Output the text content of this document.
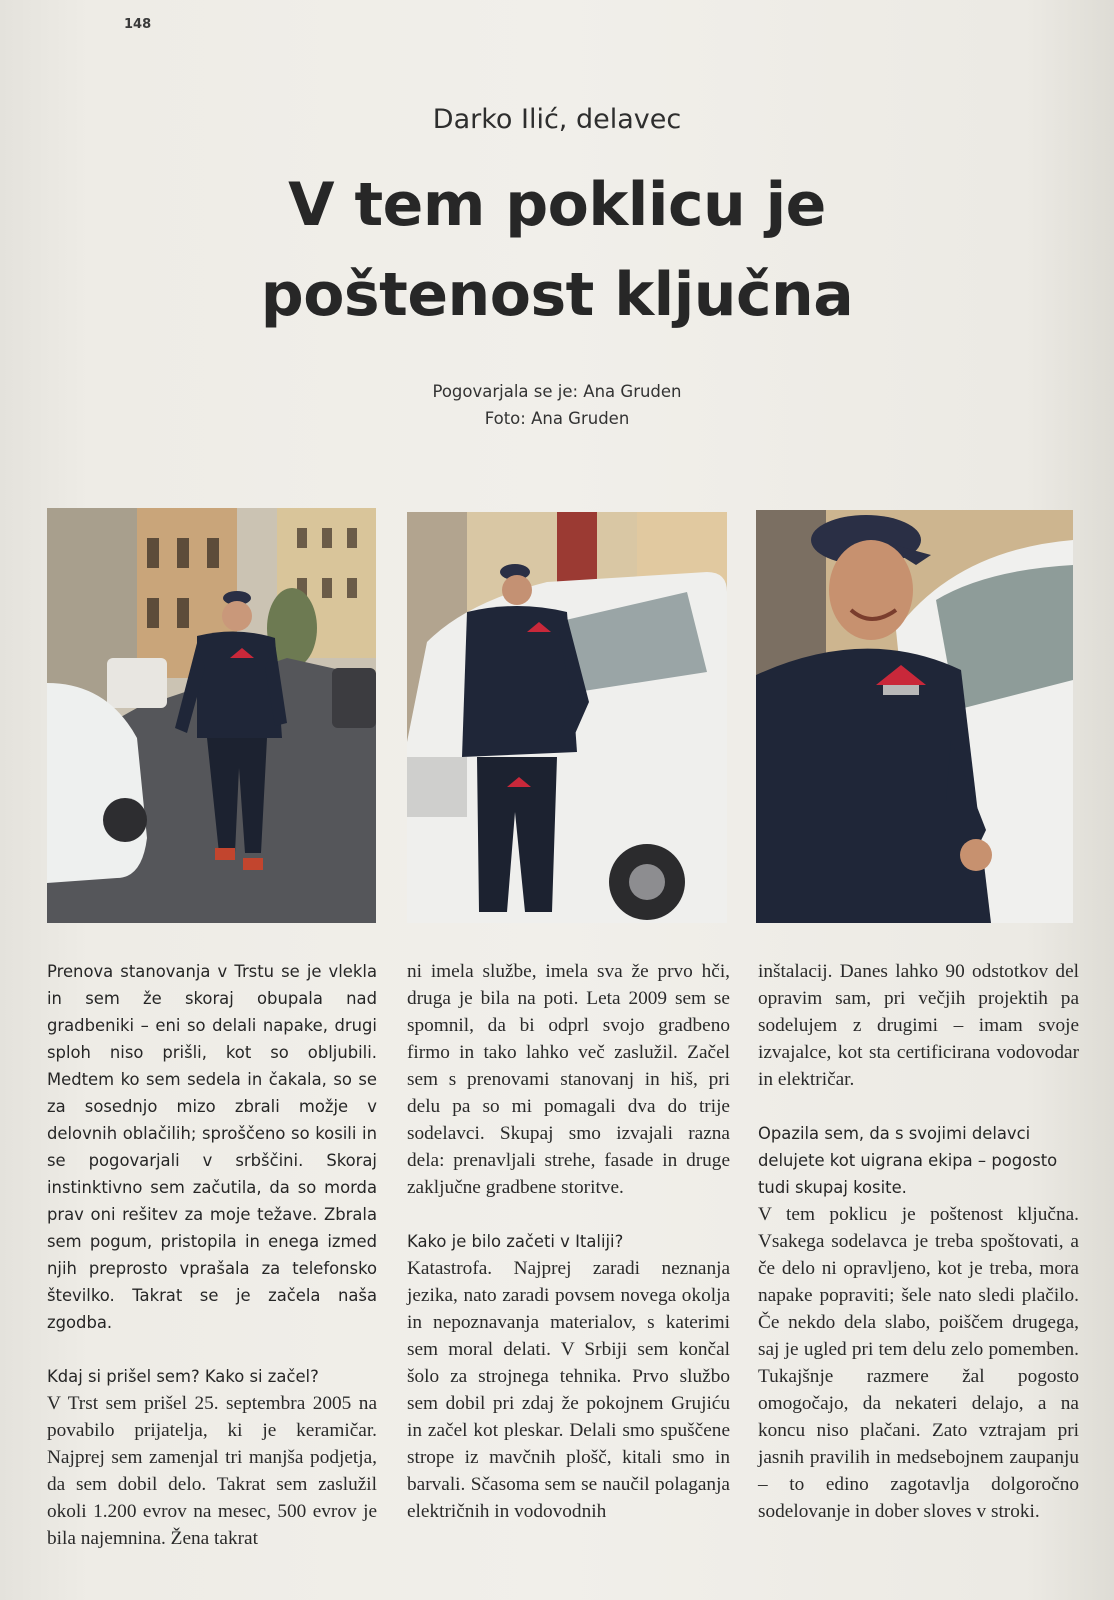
148
Darko Ilić, delavec
V tem poklicu je
poštenost ključna
Pogovarjala se je: Ana Gruden
Foto: Ana Gruden

Prenova stanovanja v Trstu se je vlekla in sem že skoraj obupala nad gradbeniki – eni so delali napake, drugi sploh niso prišli, kot so obljubili. Medtem ko sem sedela in čakala, so se za sosednjo mizo zbrali možje v delovnih oblačilih; sproščeno so kosili in se pogovarjali v srbščini. Skoraj instinktivno sem začutila, da so morda prav oni rešitev za moje težave. Zbrala sem pogum, pristopila in enega izmed njih preprosto vprašala za telefonsko številko. Takrat se je začela naša zgodba.

Kdaj si prišel sem? Kako si začel?

V Trst sem prišel 25. septembra 2005 na povabilo prijatelja, ki je keramičar. Najprej sem zamenjal tri manjša podjetja, da sem dobil delo. Takrat sem zaslužil okoli 1.200 evrov na mesec, 500 evrov je bila najemnina. Žena takrat

ni imela službe, imela sva že prvo hči, druga je bila na poti. Leta 2009 sem se spomnil, da bi odprl svojo gradbeno firmo in tako lahko več zaslužil. Začel sem s prenovami stanovanj in hiš, pri delu pa so mi pomagali dva do trije sodelavci. Skupaj smo izvajali razna dela: prenavljali strehe, fasade in druge zaključne gradbene storitve.

Kako je bilo začeti v Italiji?

Katastrofa. Najprej zaradi neznanja jezika, nato zaradi povsem novega okolja in nepoznavanja materialov, s katerimi sem moral delati. V Srbiji sem končal šolo za strojnega tehnika. Prvo službo sem dobil pri zdaj že pokojnem Grujiću in začel kot pleskar. Delali smo spuščene strope iz mavčnih plošč, kitali smo in barvali. Sčasoma sem se naučil polaganja električnih in vodovodnih

inštalacij. Danes lahko 90 odstotkov del opravim sam, pri večjih projektih pa sodelujem z drugimi – imam svoje izvajalce, kot sta certificirana vodovodar in električar.

Opazila sem, da s svojimi delavci delujete kot uigrana ekipa – pogosto tudi skupaj kosite.

V tem poklicu je poštenost ključna. Vsakega sodelavca je treba spoštovati, a če delo ni opravljeno, kot je treba, mora napake popraviti; šele nato sledi plačilo. Če nekdo dela slabo, poiščem drugega, saj je ugled pri tem delu zelo pomemben. Tukajšnje razmere žal pogosto omogočajo, da nekateri delajo, a na koncu niso plačani. Zato vztrajam pri jasnih pravilih in medsebojnem zaupanju – to edino zagotavlja dolgoročno sodelovanje in dober sloves v stroki.
